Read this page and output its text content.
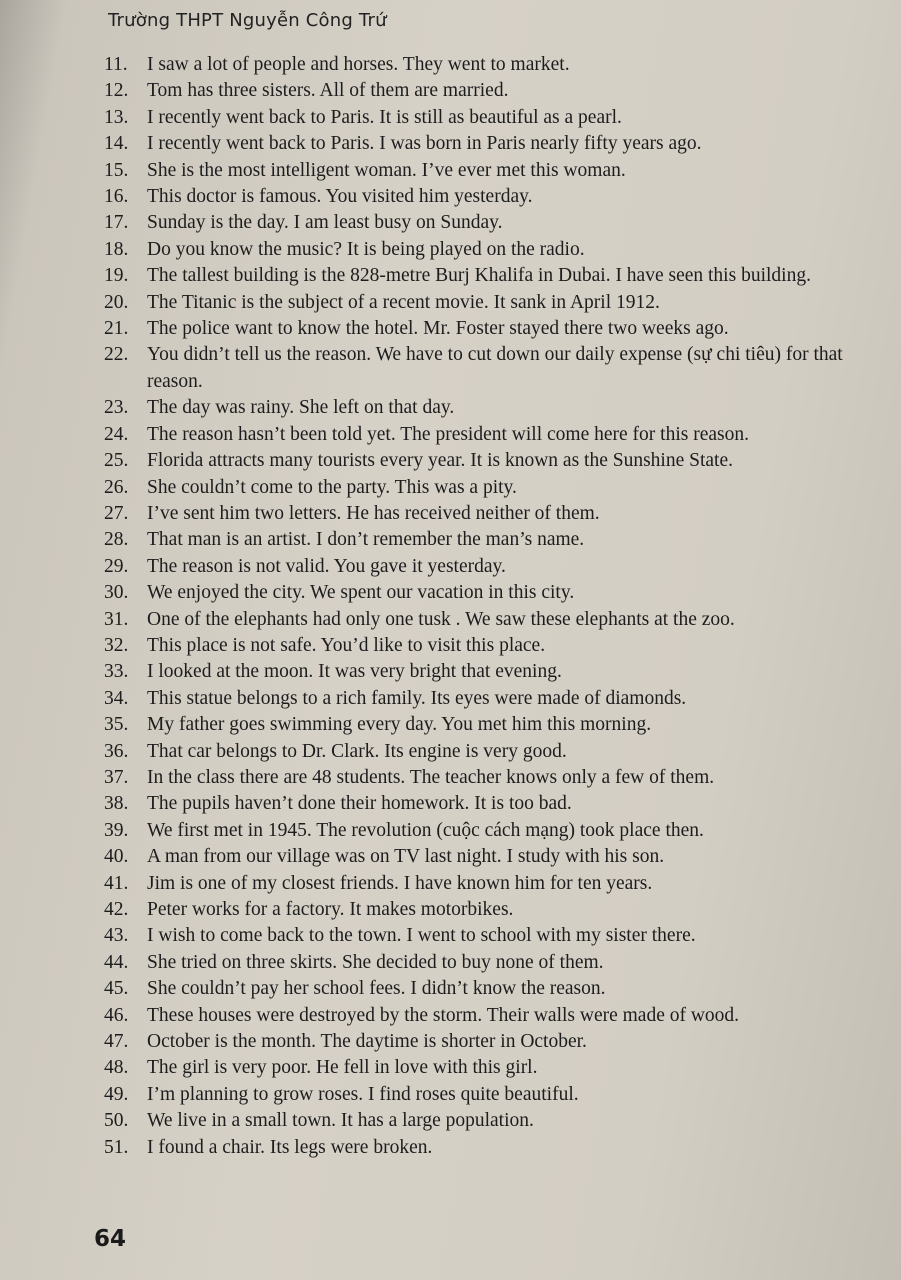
Trường THPT Nguyễn Công Trứ
11. I saw a lot of people and horses. They went to market.
12. Tom has three sisters. All of them are married.
13. I recently went back to Paris. It is still as beautiful as a pearl.
14. I recently went back to Paris. I was born in Paris nearly fifty years ago.
15. She is the most intelligent woman. I’ve ever met this woman.
16. This doctor is famous. You visited him yesterday.
17. Sunday is the day. I am least busy on Sunday.
18. Do you know the music? It is being played on the radio.
19. The tallest building is the 828-metre Burj Khalifa in Dubai. I have seen this building.
20. The Titanic is the subject of a recent movie. It sank in April 1912.
21. The police want to know the hotel. Mr. Foster stayed there two weeks ago.
22. You didn’t tell us the reason. We have to cut down our daily expense (sự chi tiêu) for that reason.
23. The day was rainy. She left on that day.
24. The reason hasn’t been told yet. The president will come here for this reason.
25. Florida attracts many tourists every year. It is known as the Sunshine State.
26. She couldn’t come to the party. This was a pity.
27. I’ve sent him two letters. He has received neither of them.
28. That man is an artist. I don’t remember the man’s name.
29. The reason is not valid. You gave it yesterday.
30. We enjoyed the city. We spent our vacation in this city.
31. One of the elephants had only one tusk . We saw these elephants at the zoo.
32. This place is not safe. You’d like to visit this place.
33. I looked at the moon. It was very bright that evening.
34. This statue belongs to a rich family. Its eyes were made of diamonds.
35. My father goes swimming every day. You met him this morning.
36. That car belongs to Dr. Clark. Its engine is very good.
37. In the class there are 48 students. The teacher knows only a few of them.
38. The pupils haven’t done their homework. It is too bad.
39. We first met in 1945. The revolution (cuộc cách mạng) took place then.
40. A man from our village was on TV last night. I study with his son.
41. Jim is one of my closest friends. I have known him for ten years.
42. Peter works for a factory. It makes motorbikes.
43. I wish to come back to the town. I went to school with my sister there.
44. She tried on three skirts. She decided to buy none of them.
45. She couldn’t pay her school fees. I didn’t know the reason.
46. These houses were destroyed by the storm. Their walls were made of wood.
47. October is the month. The daytime is shorter in October.
48. The girl is very poor. He fell in love with this girl.
49. I’m planning to grow roses. I find roses quite beautiful.
50. We live in a small town. It has a large population.
51. I found a chair. Its legs were broken.
64
